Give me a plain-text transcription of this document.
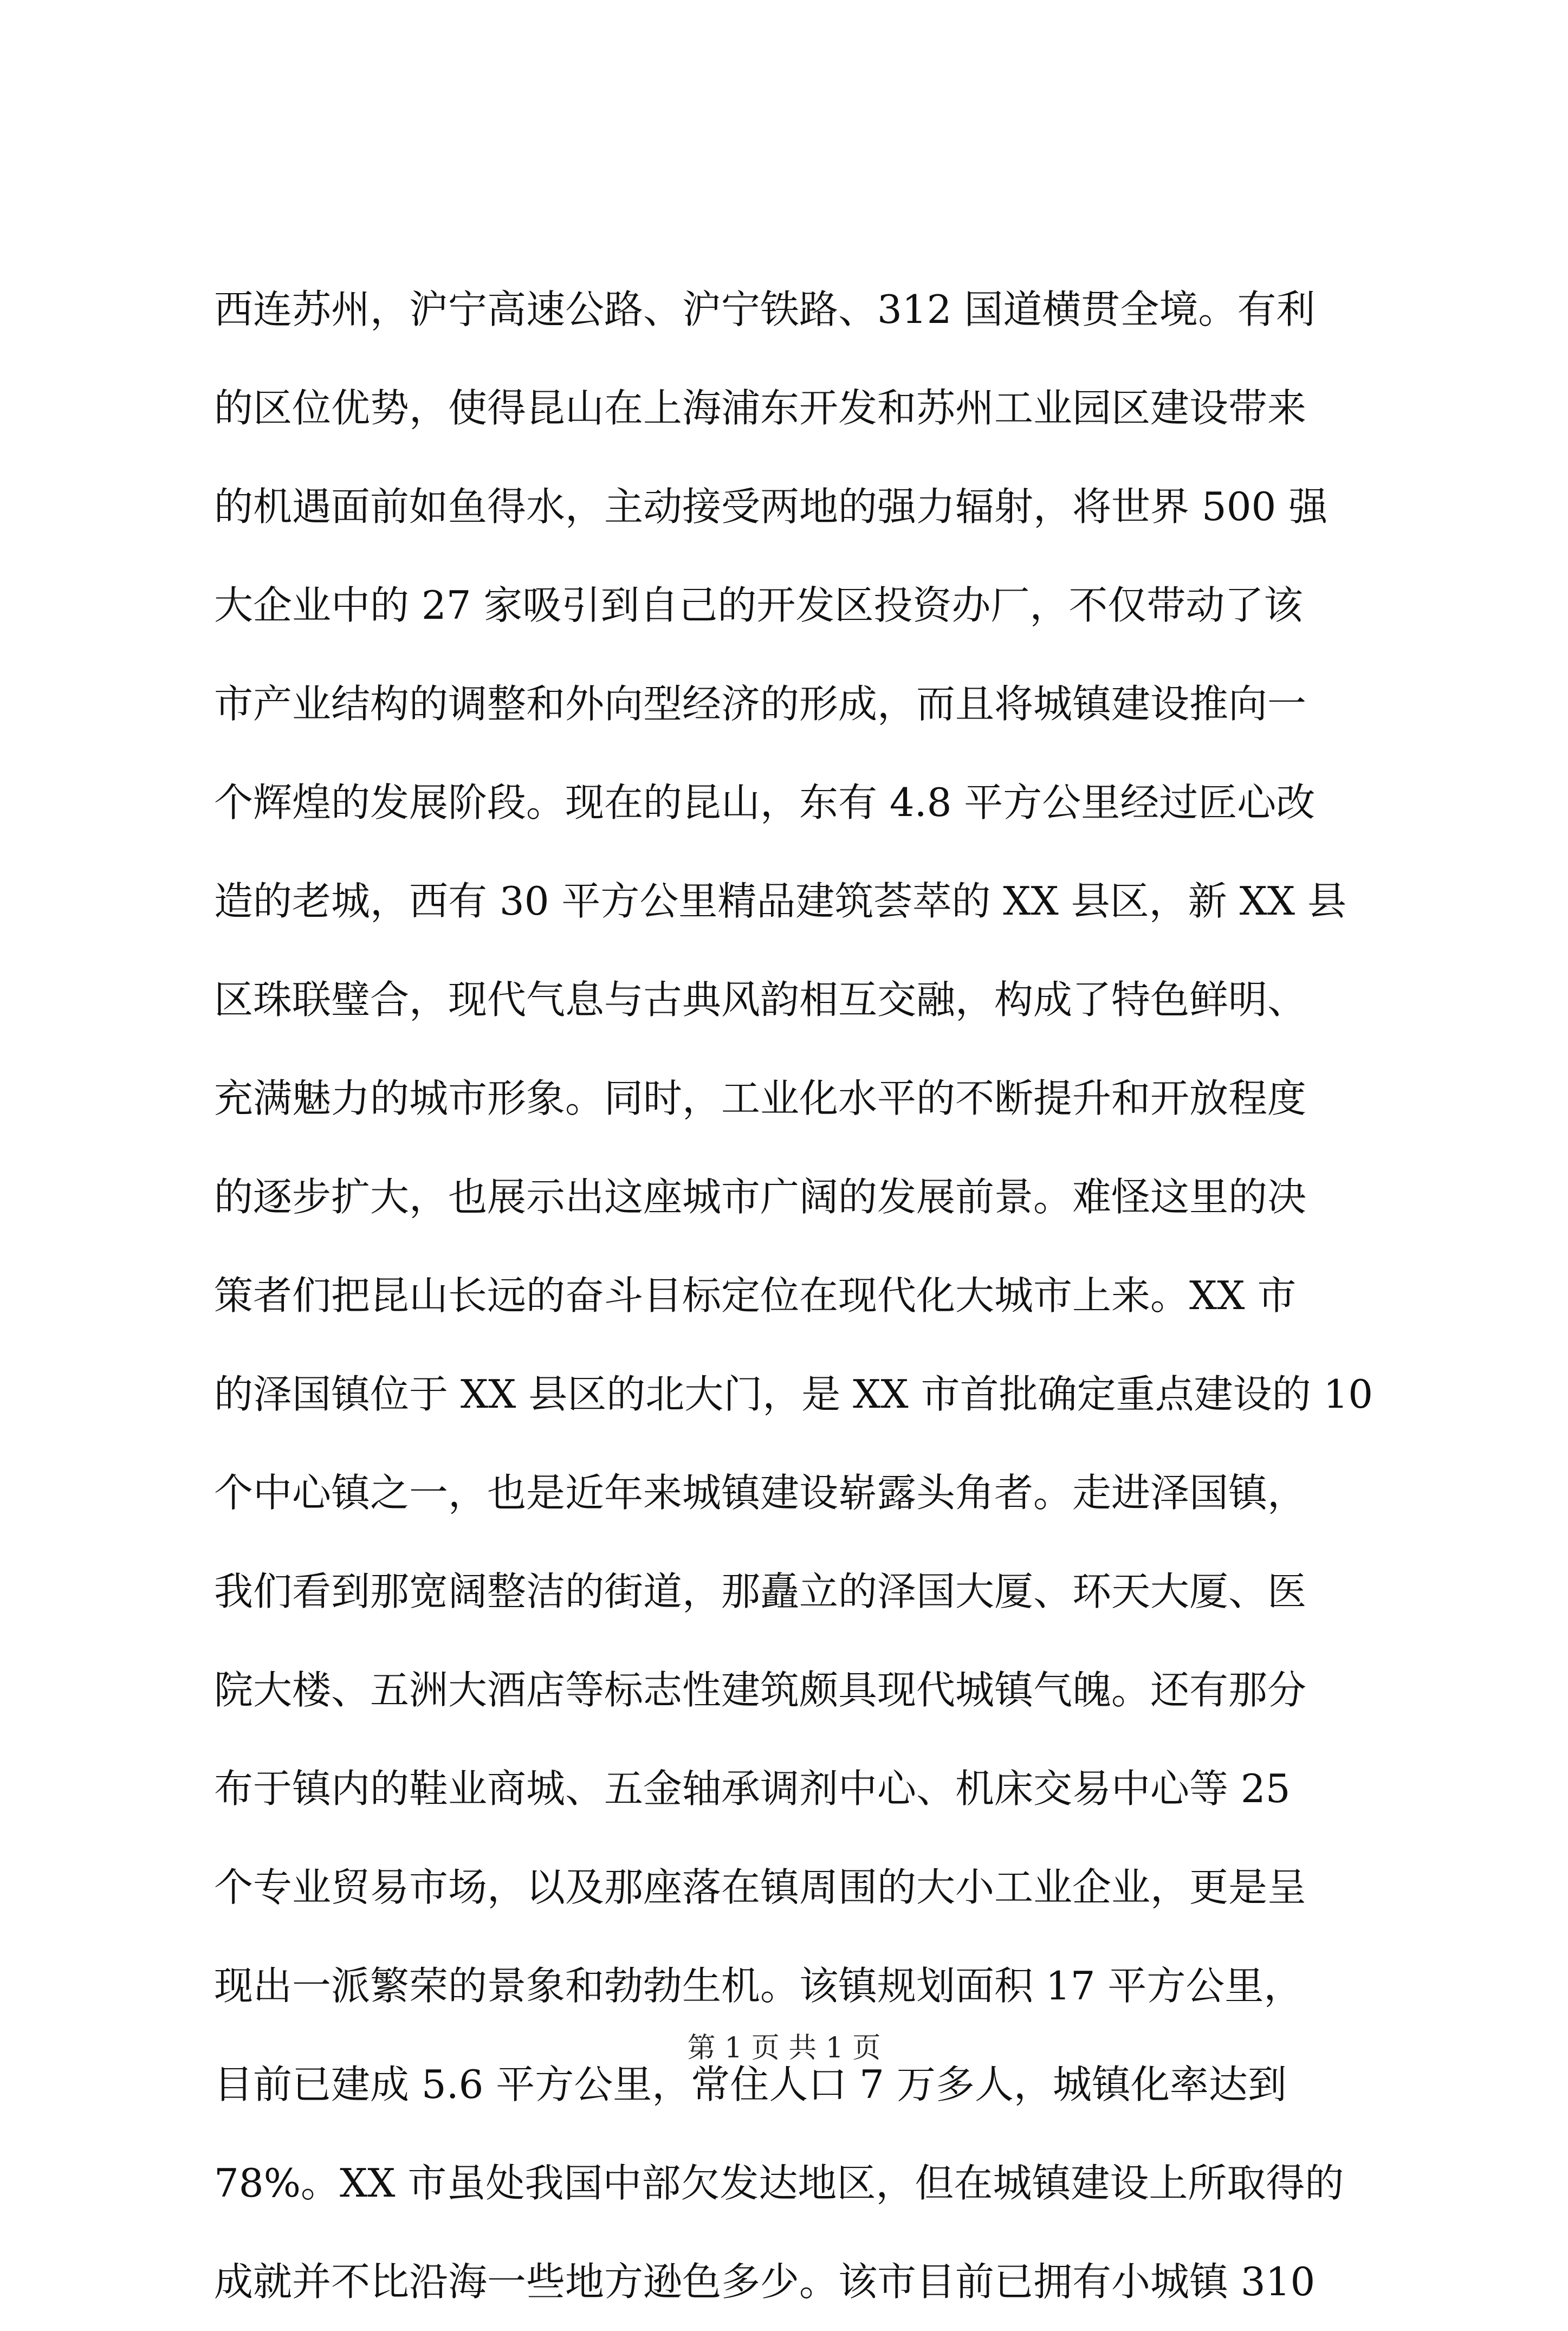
西连苏州，沪宁高速公路、沪宁铁路、312 国道横贯全境。有利
的区位优势，使得昆山在上海浦东开发和苏州工业园区建设带来
的机遇面前如鱼得水，主动接受两地的强力辐射，将世界 500 强
大企业中的 27 家吸引到自己的开发区投资办厂，不仅带动了该
市产业结构的调整和外向型经济的形成，而且将城镇建设推向一
个辉煌的发展阶段。现在的昆山，东有 4.8 平方公里经过匠心改
造的老城，西有 30 平方公里精品建筑荟萃的 XX 县区，新 XX 县
区珠联璧合，现代气息与古典风韵相互交融，构成了特色鲜明、
充满魅力的城市形象。同时，工业化水平的不断提升和开放程度
的逐步扩大，也展示出这座城市广阔的发展前景。难怪这里的决
策者们把昆山长远的奋斗目标定位在现代化大城市上来。XX 市
的泽国镇位于 XX 县区的北大门，是 XX 市首批确定重点建设的 10
个中心镇之一，也是近年来城镇建设崭露头角者。走进泽国镇，
我们看到那宽阔整洁的街道，那矗立的泽国大厦、环天大厦、医
院大楼、五洲大酒店等标志性建筑颇具现代城镇气魄。还有那分
布于镇内的鞋业商城、五金轴承调剂中心、机床交易中心等 25
个专业贸易市场，以及那座落在镇周围的大小工业企业，更是呈
现出一派繁荣的景象和勃勃生机。该镇规划面积 17 平方公里，
目前已建成 5.6 平方公里，常住人口 7 万多人，城镇化率达到
78%。XX 市虽处我国中部欠发达地区，但在城镇建设上所取得的
成就并不比沿海一些地方逊色多少。该市目前已拥有小城镇 310
第 1 页 共 1 页
